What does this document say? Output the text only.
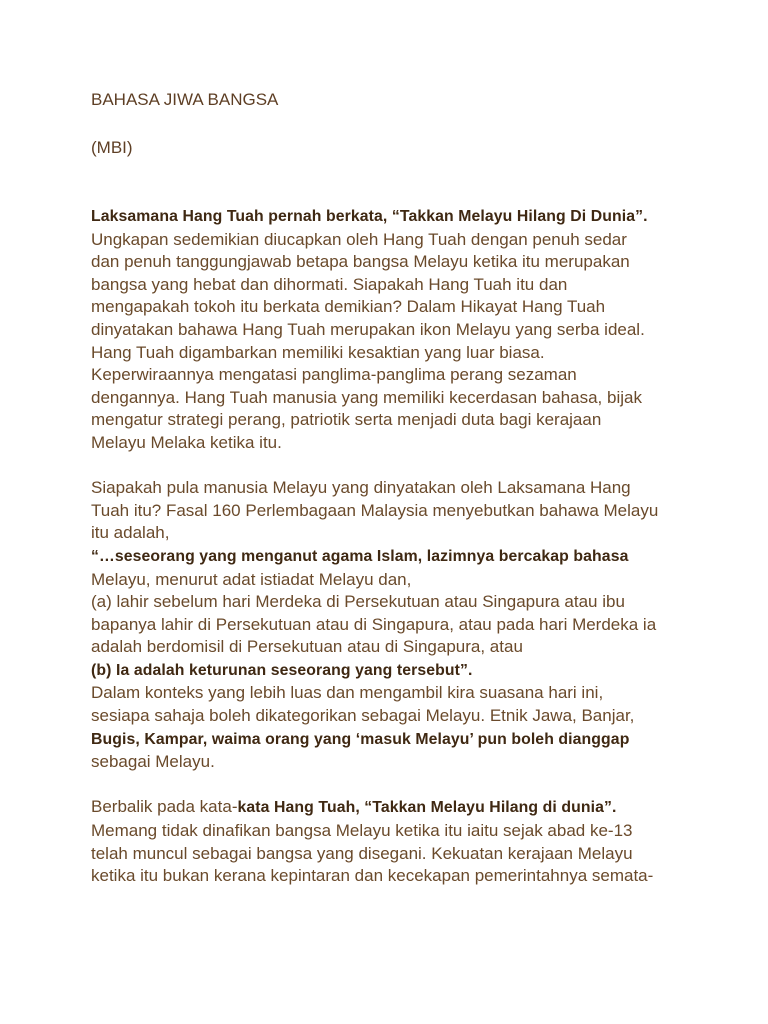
BAHASA JIWA BANGSA
(MBI)
Laksamana Hang Tuah pernah berkata, “Takkan Melayu Hilang Di Dunia”.
Ungkapan sedemikian diucapkan oleh Hang Tuah dengan penuh sedar
dan penuh tanggungjawab betapa bangsa Melayu ketika itu merupakan
bangsa yang hebat dan dihormati. Siapakah Hang Tuah itu dan
mengapakah tokoh itu berkata demikian? Dalam Hikayat Hang Tuah
dinyatakan bahawa Hang Tuah merupakan ikon Melayu yang serba ideal.
Hang Tuah digambarkan memiliki kesaktian yang luar biasa.
Keperwiraannya mengatasi panglima-panglima perang sezaman
dengannya. Hang Tuah manusia yang memiliki kecerdasan bahasa, bijak
mengatur strategi perang, patriotik serta menjadi duta bagi kerajaan
Melayu Melaka ketika itu.
Siapakah pula manusia Melayu yang dinyatakan oleh Laksamana Hang
Tuah itu? Fasal 160 Perlembagaan Malaysia menyebutkan bahawa Melayu
itu adalah,
“…seseorang yang menganut agama Islam, lazimnya bercakap bahasa
Melayu, menurut adat istiadat Melayu dan,
(a) lahir sebelum hari Merdeka di Persekutuan atau Singapura atau ibu
bapanya lahir di Persekutuan atau di Singapura, atau pada hari Merdeka ia
adalah berdomisil di Persekutuan atau di Singapura, atau
(b) Ia adalah keturunan seseorang yang tersebut”.
Dalam konteks yang lebih luas dan mengambil kira suasana hari ini,
sesiapa sahaja boleh dikategorikan sebagai Melayu. Etnik Jawa, Banjar,
Bugis, Kampar, waima orang yang ‘masuk Melayu’ pun boleh dianggap
sebagai Melayu.
Berbalik pada kata-kata Hang Tuah, “Takkan Melayu Hilang di dunia”.
Memang tidak dinafikan bangsa Melayu ketika itu iaitu sejak abad ke-13
telah muncul sebagai bangsa yang disegani. Kekuatan kerajaan Melayu
ketika itu bukan kerana kepintaran dan kecekapan pemerintahnya semata-
